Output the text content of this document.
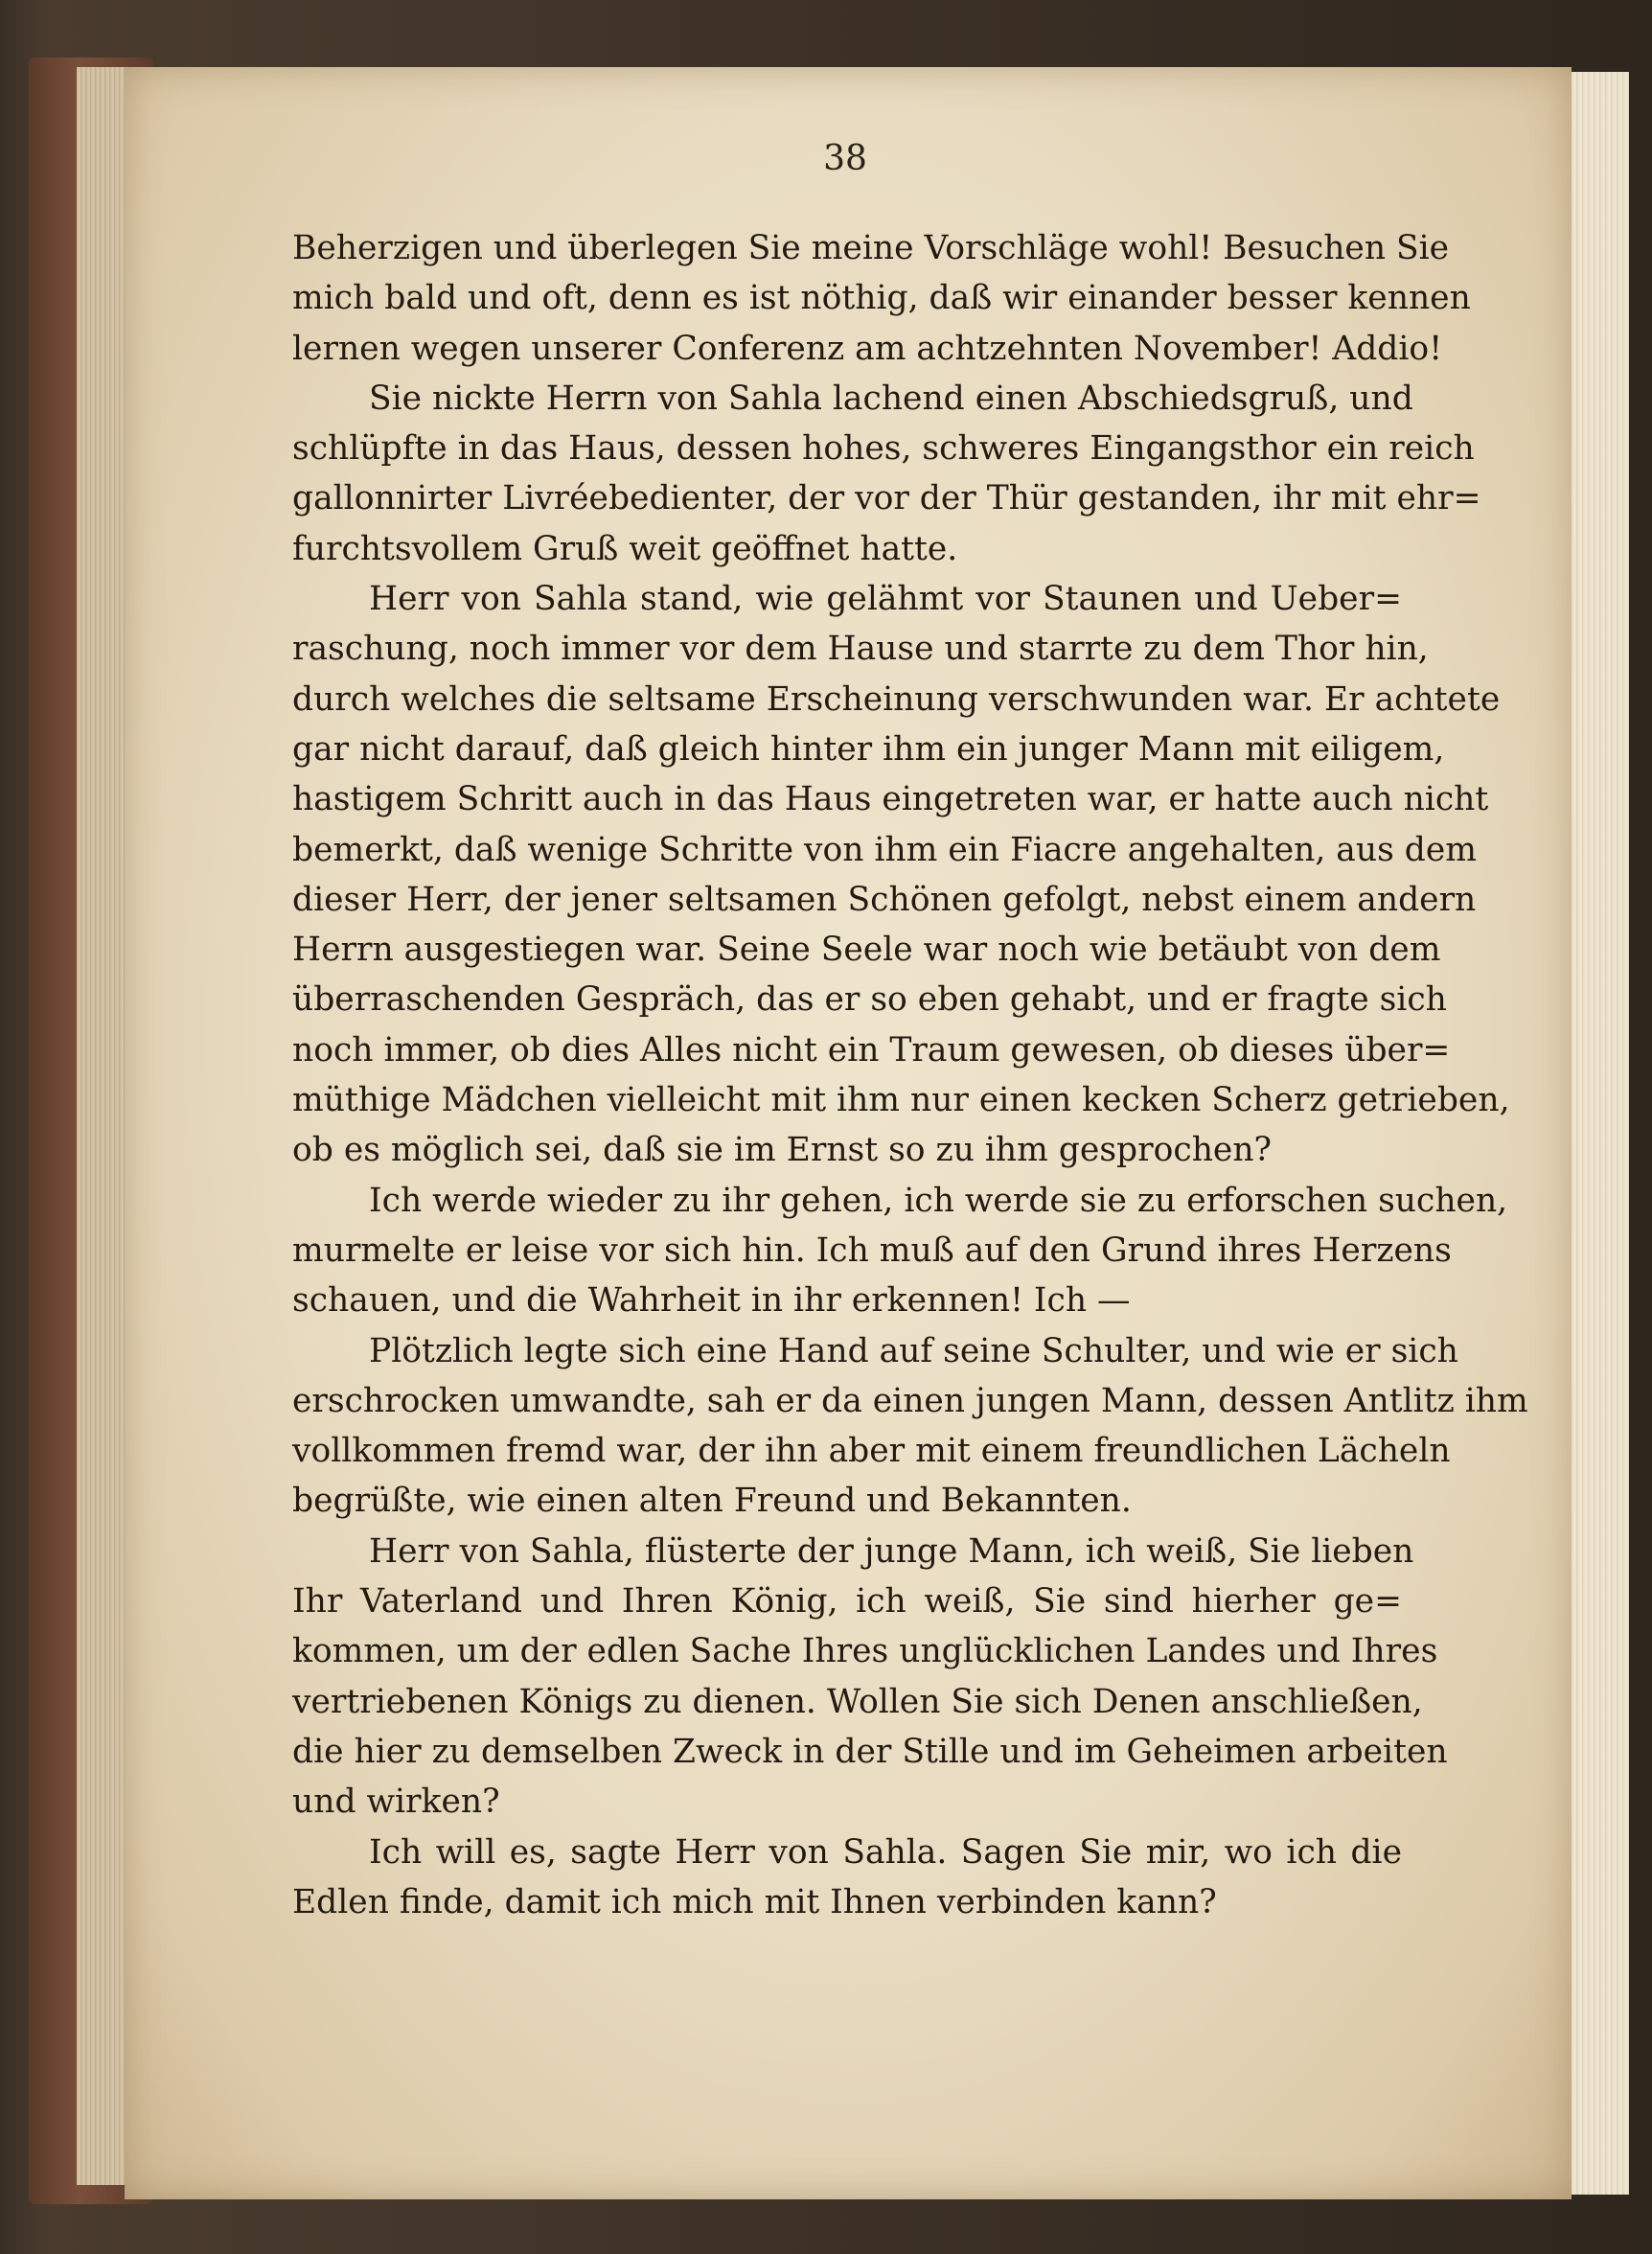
38
Beherzigen und überlegen Sie meine Vorschläge wohl! Besuchen Sie
mich bald und oft, denn es ist nöthig, daß wir einander besser kennen
lernen wegen unserer Conferenz am achtzehnten November! Addio!
Sie nickte Herrn von Sahla lachend einen Abschiedsgruß, und
schlüpfte in das Haus, dessen hohes, schweres Eingangsthor ein reich
gallonnirter Livréebedienter, der vor der Thür gestanden, ihr mit ehr=
furchtsvollem Gruß weit geöffnet hatte.
Herr von Sahla stand, wie gelähmt vor Staunen und Ueber=
raschung, noch immer vor dem Hause und starrte zu dem Thor hin,
durch welches die seltsame Erscheinung verschwunden war. Er achtete
gar nicht darauf, daß gleich hinter ihm ein junger Mann mit eiligem,
hastigem Schritt auch in das Haus eingetreten war, er hatte auch nicht
bemerkt, daß wenige Schritte von ihm ein Fiacre angehalten, aus dem
dieser Herr, der jener seltsamen Schönen gefolgt, nebst einem andern
Herrn ausgestiegen war. Seine Seele war noch wie betäubt von dem
überraschenden Gespräch, das er so eben gehabt, und er fragte sich
noch immer, ob dies Alles nicht ein Traum gewesen, ob dieses über=
müthige Mädchen vielleicht mit ihm nur einen kecken Scherz getrieben,
ob es möglich sei, daß sie im Ernst so zu ihm gesprochen?
Ich werde wieder zu ihr gehen, ich werde sie zu erforschen suchen,
murmelte er leise vor sich hin. Ich muß auf den Grund ihres Herzens
schauen, und die Wahrheit in ihr erkennen! Ich —
Plötzlich legte sich eine Hand auf seine Schulter, und wie er sich
erschrocken umwandte, sah er da einen jungen Mann, dessen Antlitz ihm
vollkommen fremd war, der ihn aber mit einem freundlichen Lächeln
begrüßte, wie einen alten Freund und Bekannten.
Herr von Sahla, flüsterte der junge Mann, ich weiß, Sie lieben
Ihr Vaterland und Ihren König, ich weiß, Sie sind hierher ge=
kommen, um der edlen Sache Ihres unglücklichen Landes und Ihres
vertriebenen Königs zu dienen. Wollen Sie sich Denen anschließen,
die hier zu demselben Zweck in der Stille und im Geheimen arbeiten
und wirken?
Ich will es, sagte Herr von Sahla. Sagen Sie mir, wo ich die
Edlen finde, damit ich mich mit Ihnen verbinden kann?
